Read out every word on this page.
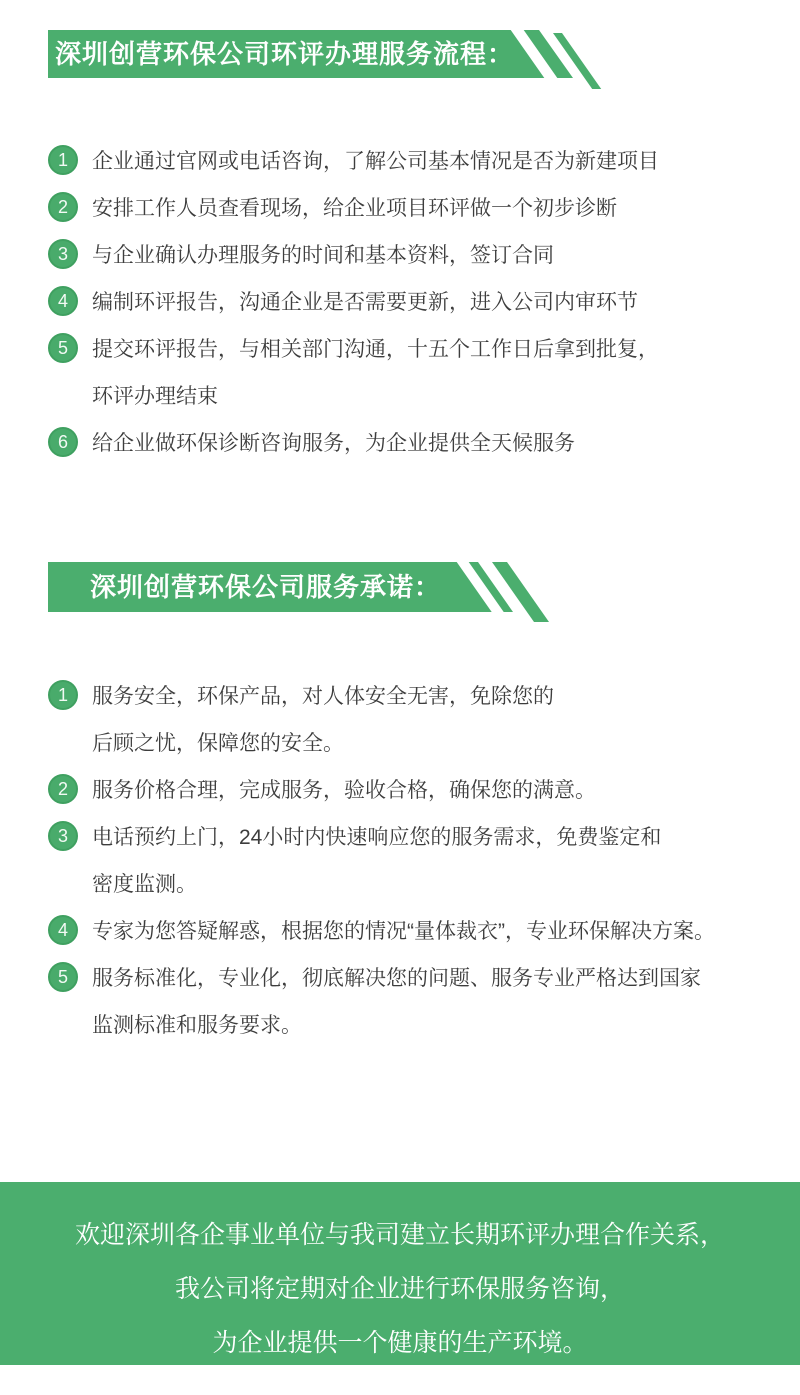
深圳创营环保公司环评办理服务流程：
1	企业通过官网或电话咨询，了解公司基本情况是否为新建项目
2	安排工作人员查看现场，给企业项目环评做一个初步诊断
3	与企业确认办理服务的时间和基本资料，签订合同
4	编制环评报告，沟通企业是否需要更新，进入公司内审环节
5	提交环评报告，与相关部门沟通，十五个工作日后拿到批复，
环评办理结束
6	给企业做环保诊断咨询服务，为企业提供全天候服务
深圳创营环保公司服务承诺：
1	服务安全，环保产品，对人体安全无害，免除您的
后顾之忧，保障您的安全。
2	服务价格合理，完成服务，验收合格，确保您的满意。
3	电话预约上门，24小时内快速响应您的服务需求，免费鉴定和
密度监测。
4	专家为您答疑解惑，根据您的情况“量体裁衣”，专业环保解决方案。
5	服务标准化，专业化，彻底解决您的问题、服务专业严格达到国家
监测标准和服务要求。
欢迎深圳各企事业单位与我司建立长期环评办理合作关系，
我公司将定期对企业进行环保服务咨询，
为企业提供一个健康的生产环境。
